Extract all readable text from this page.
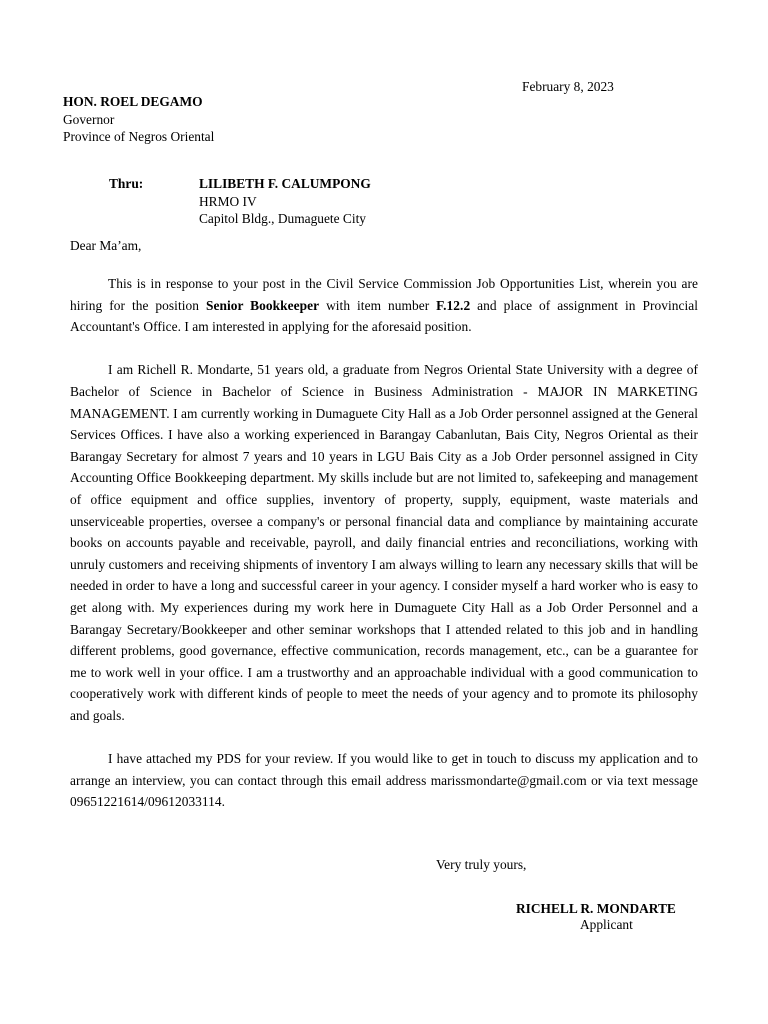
February 8, 2023
HON. ROEL DEGAMO
Governor
Province of Negros Oriental
Thru:	LILIBETH F. CALUMPONG
HRMO IV
Capitol Bldg., Dumaguete City
Dear Ma’am,

This is in response to your post in the Civil Service Commission Job Opportunities List, wherein you are hiring for the position Senior Bookkeeper with item number F.12.2 and place of assignment in Provincial Accountant's Office. I am interested in applying for the aforesaid position.

I am Richell R. Mondarte, 51 years old, a graduate from Negros Oriental State University with a degree of Bachelor of Science in Bachelor of Science in Business Administration - MAJOR IN MARKETING MANAGEMENT. I am currently working in Dumaguete City Hall as a Job Order personnel assigned at the General Services Offices. I have also a working experienced in Barangay Cabanlutan, Bais City, Negros Oriental as their Barangay Secretary for almost 7 years and 10 years in LGU Bais City as a Job Order personnel assigned in City Accounting Office Bookkeeping department. My skills include but are not limited to, safekeeping and management of office equipment and office supplies, inventory of property, supply, equipment, waste materials and unserviceable properties, oversee a company's or personal financial data and compliance by maintaining accurate books on accounts payable and receivable, payroll, and daily financial entries and reconciliations, working with unruly customers and receiving shipments of inventory I am always willing to learn any necessary skills that will be needed in order to have a long and successful career in your agency. I consider myself a hard worker who is easy to get along with. My experiences during my work here in Dumaguete City Hall as a Job Order Personnel and a Barangay Secretary/Bookkeeper and other seminar workshops that I attended related to this job and in handling different problems, good governance, effective communication, records management, etc., can be a guarantee for me to work well in your office. I am a trustworthy and an approachable individual with a good communication to cooperatively work with different kinds of people to meet the needs of your agency and to promote its philosophy and goals.

I have attached my PDS for your review. If you would like to get in touch to discuss my application and to arrange an interview, you can contact through this email address marissmondarte@gmail.com or via text message 09651221614/09612033114.

Very truly yours,
RICHELL R. MONDARTE
Applicant
